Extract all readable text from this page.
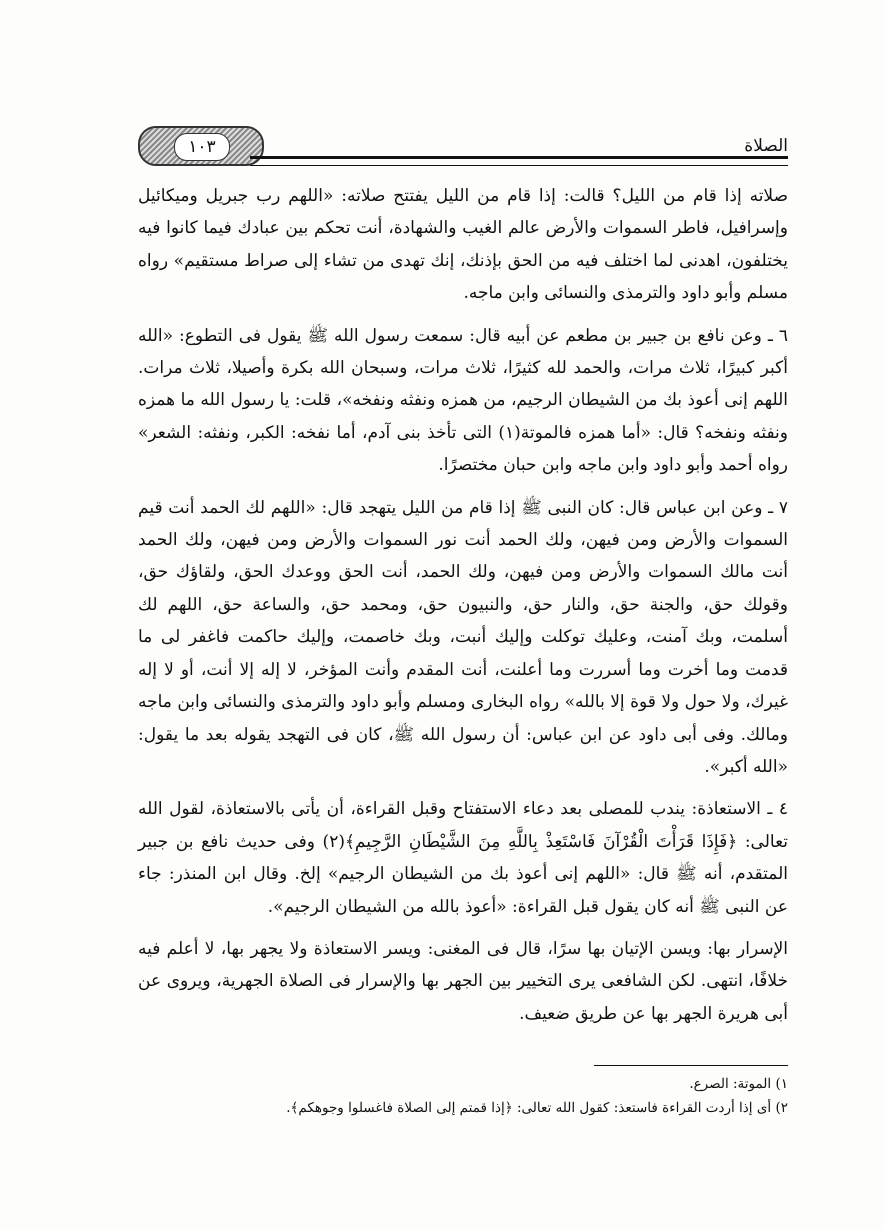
١٠٣	الصلاة

صلاته إذا قام من الليل؟ قالت: إذا قام من الليل يفتتح صلاته: «اللهم رب جبريل وميكائيل وإسرافيل، فاطر السموات والأرض عالم الغيب والشهادة، أنت تحكم بين عبادك فيما كانوا فيه يختلفون، اهدنى لما اختلف فيه من الحق بإذنك، إنك تهدى من تشاء إلى صراط مستقيم» رواه مسلم وأبو داود والترمذى والنسائى وابن ماجه.

٦ ـ وعن نافع بن جبير بن مطعم عن أبيه قال: سمعت رسول الله ﷺ يقول فى التطوع: «الله أكبر كبيرًا، ثلاث مرات، والحمد لله كثيرًا، ثلاث مرات، وسبحان الله بكرة وأصيلا، ثلاث مرات. اللهم إنى أعوذ بك من الشيطان الرجيم، من همزه ونفثه ونفخه»، قلت: يا رسول الله ما همزه ونفثه ونفخه؟ قال: «أما همزه فالموتة(١) التى تأخذ بنى آدم، أما نفخه: الكبر، ونفثه: الشعر» رواه أحمد وأبو داود وابن ماجه وابن حبان مختصرًا.

٧ ـ وعن ابن عباس قال: كان النبى ﷺ إذا قام من الليل يتهجد قال: «اللهم لك الحمد أنت قيم السموات والأرض ومن فيهن، ولك الحمد أنت نور السموات والأرض ومن فيهن، ولك الحمد أنت مالك السموات والأرض ومن فيهن، ولك الحمد، أنت الحق ووعدك الحق، ولقاؤك حق، وقولك حق، والجنة حق، والنار حق، والنبيون حق، ومحمد حق، والساعة حق، اللهم لك أسلمت، وبك آمنت، وعليك توكلت وإليك أنبت، وبك خاصمت، وإليك حاكمت فاغفر لى ما قدمت وما أخرت وما أسررت وما أعلنت، أنت المقدم وأنت المؤخر، لا إله إلا أنت، أو لا إله غيرك، ولا حول ولا قوة إلا بالله» رواه البخارى ومسلم وأبو داود والترمذى والنسائى وابن ماجه ومالك. وفى أبى داود عن ابن عباس: أن رسول الله ﷺ، كان فى التهجد يقوله بعد ما يقول: «الله أكبر».

٤ ـ الاستعاذة: يندب للمصلى بعد دعاء الاستفتاح وقبل القراءة، أن يأتى بالاستعاذة، لقول الله تعالى: ﴿فَإِذَا قَرَأْتَ الْقُرْآنَ فَاسْتَعِذْ بِاللَّهِ مِنَ الشَّيْطَانِ الرَّجِيمِ﴾(٢) وفى حديث نافع بن جبير المتقدم، أنه ﷺ قال: «اللهم إنى أعوذ بك من الشيطان الرجيم» إلخ. وقال ابن المنذر: جاء عن النبى ﷺ أنه كان يقول قبل القراءة: «أعوذ بالله من الشيطان الرجيم».

الإسرار بها: ويسن الإتيان بها سرًا، قال فى المغنى: ويسر الاستعاذة ولا يجهر بها، لا أعلم فيه خلافًا، انتهى. لكن الشافعى يرى التخيير بين الجهر بها والإسرار فى الصلاة الجهرية، ويروى عن أبى هريرة الجهر بها عن طريق ضعيف.

١) الموتة: الصرع.

٢) أى إذا أردت القراءة فاستعذ: كقول الله تعالى: ﴿إذا قمتم إلى الصلاة فاغسلوا وجوهكم﴾.
